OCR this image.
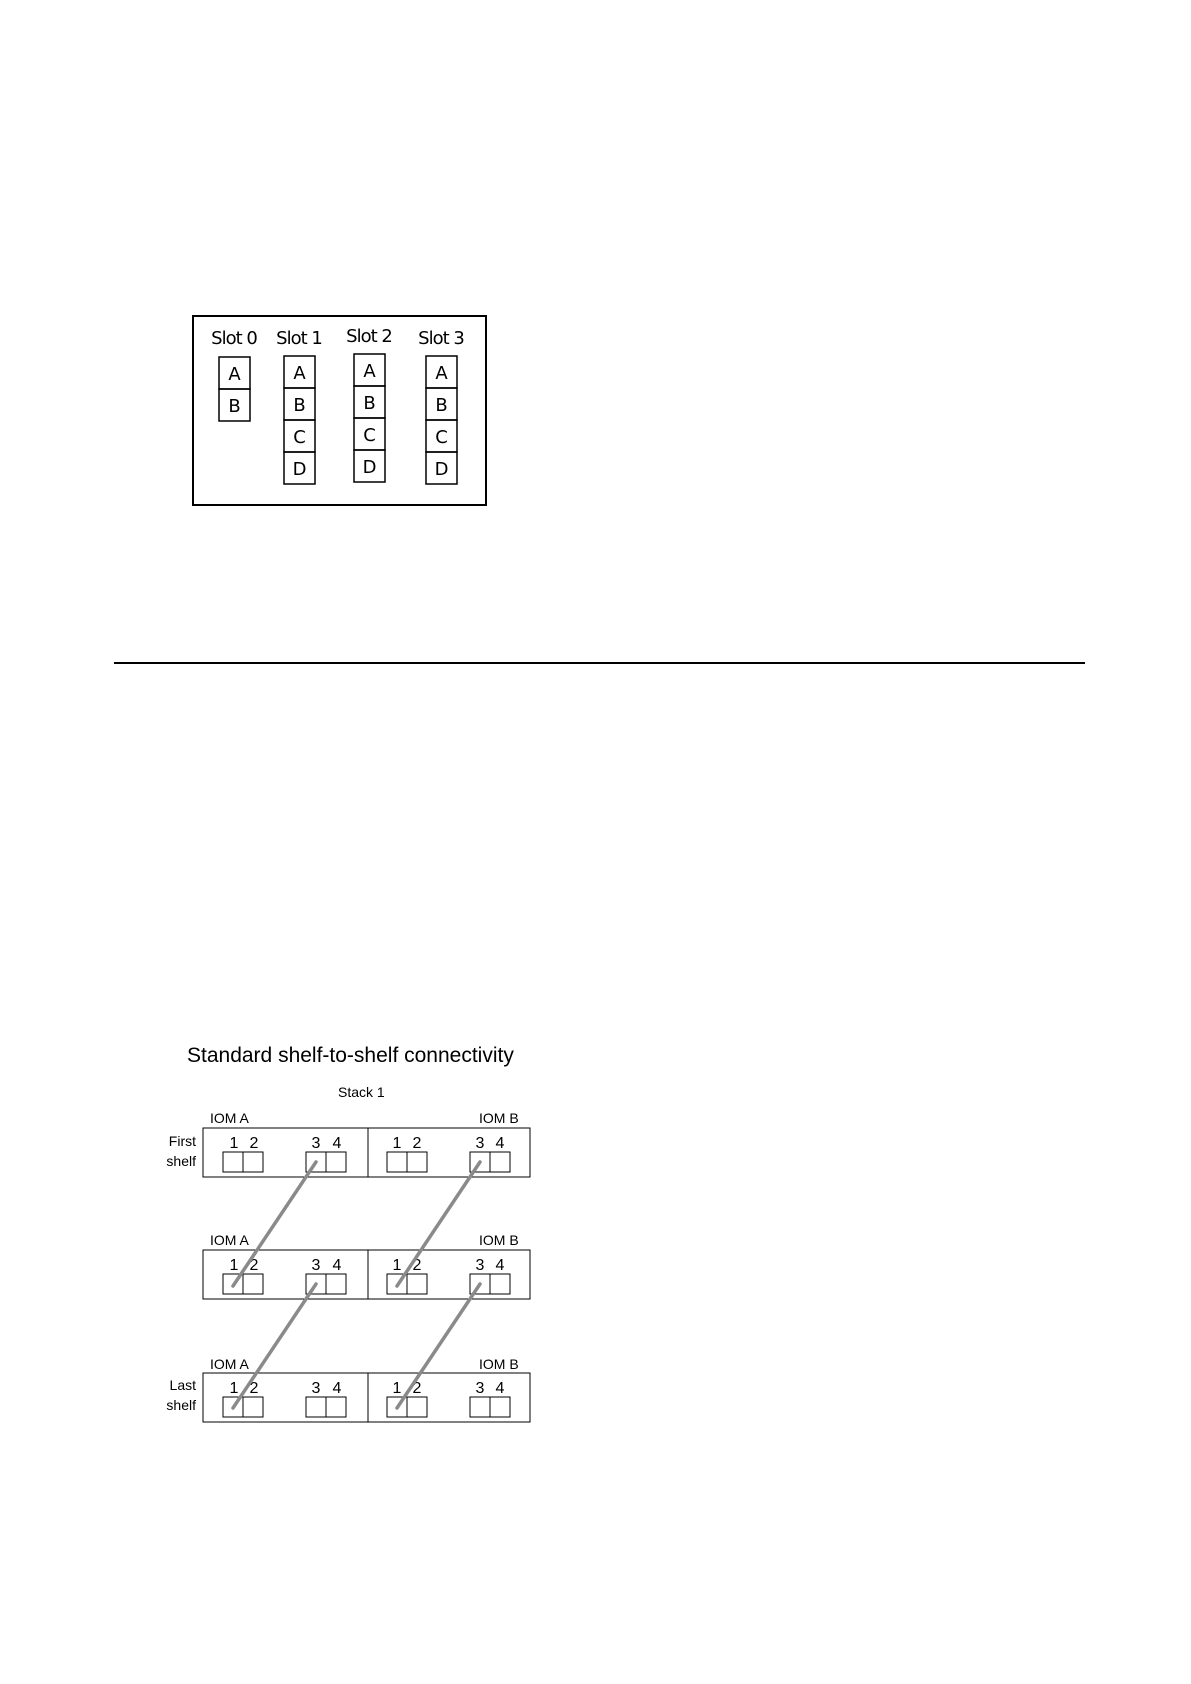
Slot 0
A
B
Slot 1
A
B
C
D
Slot 2
A
B
C
D
Slot 3
A
B
C
D
Standard shelf-to-shelf connectivity
Stack 1
IOM A	IOM B
First
shelf
1 2	3 4	1 2	3 4
IOM A	IOM B
1 2	3 4	1 2	3 4
IOM A	IOM B
Last
shelf
1 2	3 4	1 2	3 4
